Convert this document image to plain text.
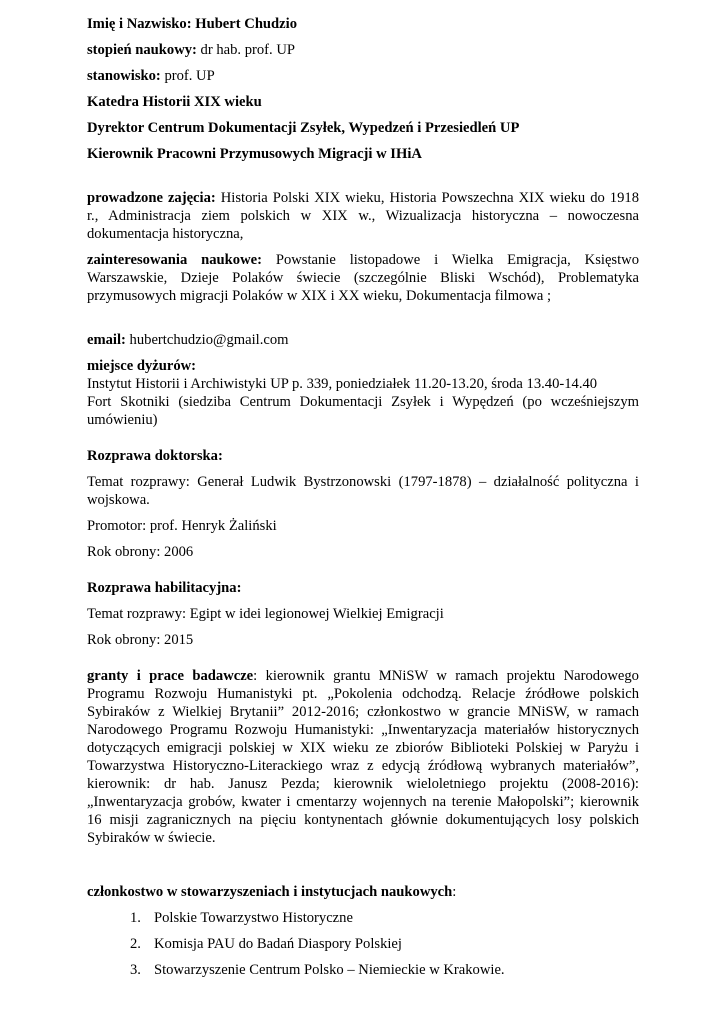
Imię i Nazwisko: Hubert Chudzio

stopień naukowy: dr hab. prof. UP

stanowisko: prof. UP

Katedra Historii XIX wieku

Dyrektor Centrum Dokumentacji Zsyłek, Wypedzeń i Przesiedleń UP

Kierownik Pracowni Przymusowych Migracji w IHiA

prowadzone zajęcia: Historia Polski XIX wieku, Historia Powszechna XIX wieku do 1918 r., Administracja ziem polskich w XIX w., Wizualizacja historyczna – nowoczesna dokumentacja historyczna,

zainteresowania naukowe: Powstanie listopadowe i Wielka Emigracja, Księstwo Warszawskie, Dzieje Polaków świecie (szczególnie Bliski Wschód), Problematyka przymusowych migracji Polaków w XIX i XX wieku, Dokumentacja filmowa ;

email: hubertchudzio@gmail.com

miejsce dyżurów:

Instytut Historii i Archiwistyki UP p. 339, poniedziałek 11.20-13.20, środa 13.40-14.40

Fort Skotniki (siedziba Centrum Dokumentacji Zsyłek i Wypędzeń (po wcześniejszym umówieniu)

Rozprawa doktorska:

Temat rozprawy: Generał Ludwik Bystrzonowski (1797-1878) – działalność polityczna i wojskowa.

Promotor: prof. Henryk Żaliński

Rok obrony: 2006

Rozprawa habilitacyjna:

Temat rozprawy: Egipt w idei legionowej Wielkiej Emigracji

Rok obrony: 2015

granty i prace badawcze: kierownik grantu MNiSW w ramach projektu Narodowego Programu Rozwoju Humanistyki pt. „Pokolenia odchodzą. Relacje źródłowe polskich Sybiraków z Wielkiej Brytanii” 2012-2016; członkostwo w grancie MNiSW, w ramach Narodowego Programu Rozwoju Humanistyki: „Inwentaryzacja materiałów historycznych dotyczących emigracji polskiej w XIX wieku ze zbiorów Biblioteki Polskiej w Paryżu i Towarzystwa Historyczno-Literackiego wraz z edycją źródłową wybranych materiałów”, kierownik: dr hab. Janusz Pezda; kierownik wieloletniego projektu (2008-2016): „Inwentaryzacja grobów, kwater i cmentarzy wojennych na terenie Małopolski”; kierownik 16 misji zagranicznych na pięciu kontynentach głównie dokumentujących losy polskich Sybiraków w świecie.

członkostwo w stowarzyszeniach i instytucjach naukowych:

1. Polskie Towarzystwo Historyczne
2. Komisja PAU do Badań Diaspory Polskiej
3. Stowarzyszenie Centrum Polsko – Niemieckie w Krakowie.
